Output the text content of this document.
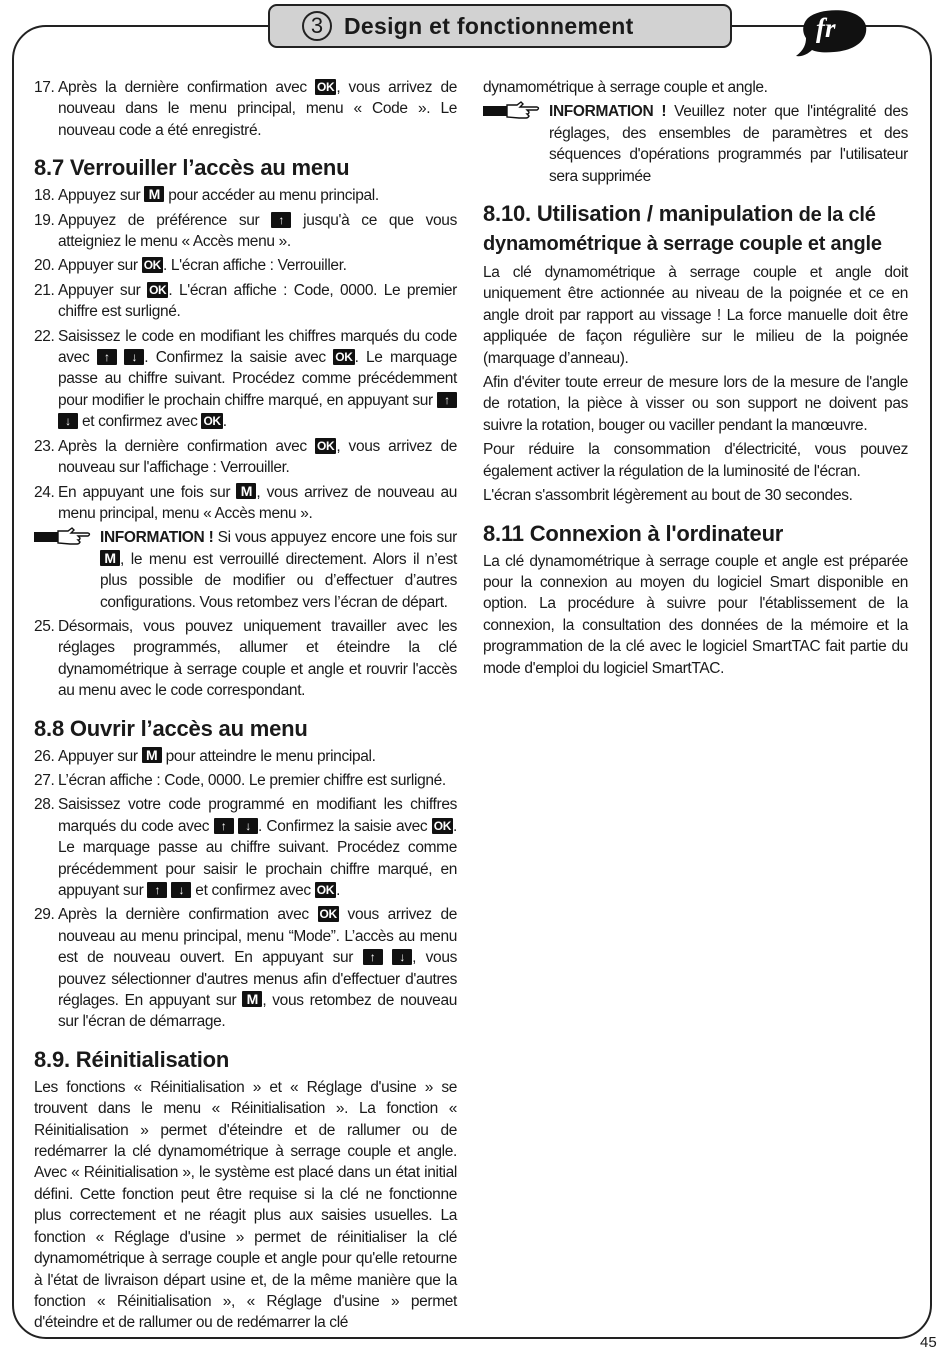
3 Design et fonctionnement	fr
17. Après la dernière confirmation avec OK , vous arrivez de nouveau dans le menu principal, menu « Code ». Le nouveau code a été enregistré.
8.7 Verrouiller l’accès au menu
18. Appuyez sur M pour accéder au menu principal.
19. Appuyez de préférence sur ↑ jusqu'à ce que vous atteigniez le menu « Accès menu ».
20. Appuyer sur OK . L'écran affiche : Verrouiller.
21. Appuyer sur OK . L'écran affiche : Code, 0000. Le premier chiffre est surligné.
22. Saisissez le code en modifiant les chiffres marqués du code avec ↑ ↓ . Confirmez la saisie avec OK . Le marquage passe au chiffre suivant. Procédez comme précédemment pour modifier le prochain chiffre marqué, en appuyant sur ↑ ↓ et confirmez avec OK .
23. Après la dernière confirmation avec OK , vous arrivez de nouveau sur l'affichage : Verrouiller.
24. En appuyant une fois sur M , vous arrivez de nouveau au menu principal, menu « Accès menu ».
INFORMATION ! Si vous appuyez encore une fois sur M , le menu est verrouillé directement. Alors il n’est plus possible de modifier ou d’effectuer d’autres configurations. Vous retombez vers l’écran de départ.
25. Désormais, vous pouvez uniquement travailler avec les réglages programmés, allumer et éteindre la clé dynamométrique à serrage couple et angle et rouvrir l'accès au menu avec le code correspondant.
8.8 Ouvrir l’accès au menu
26. Appuyer sur M pour atteindre le menu principal.
27. L’écran affiche : Code, 0000. Le premier chiffre est surligné.
28. Saisissez votre code programmé en modifiant les chiffres marqués du code avec ↑ ↓ . Confirmez la saisie avec OK . Le marquage passe au chiffre suivant. Procédez comme précédemment pour saisir le prochain chiffre marqué, en appuyant sur ↑ ↓ et confirmez avec OK .
29. Après la dernière confirmation avec OK vous arrivez de nouveau au menu principal, menu “Mode”. L’accès au menu est de nouveau ouvert. En appuyant sur ↑ ↓ , vous pouvez sélectionner d'autres menus afin d'effectuer d'autres réglages. En appuyant sur M , vous retombez de nouveau sur l'écran de démarrage.
8.9. Réinitialisation

Les fonctions « Réinitialisation » et « Réglage d'usine » se trouvent dans le menu « Réinitialisation ». La fonction « Réinitialisation » permet d'éteindre et de rallumer ou de redémarrer la clé dynamométrique à serrage couple et angle. Avec « Réinitialisation », le système est placé dans un état initial défini. Cette fonction peut être requise si la clé ne fonctionne plus correctement et ne réagit plus aux saisies usuelles. La fonction « Réglage d'usine » permet de réinitialiser la clé dynamométrique à serrage couple et angle pour qu'elle retourne à l'état de livraison départ usine et, de la même manière que la fonction « Réinitialisation », « Réglage d'usine » permet d'éteindre et de rallumer ou de redémarrer la clé

dynamométrique à serrage couple et angle.

INFORMATION ! Veuillez noter que l'intégralité des réglages, des ensembles de paramètres et des séquences d'opérations programmés par l'utilisateur sera supprimée
8.10. Utilisation / manipulation de la clé dynamométrique à serrage couple et angle

La clé dynamométrique à serrage couple et angle doit uniquement être actionnée au niveau de la poignée et ce en angle droit par rapport au vissage ! La force manuelle doit être appliquée de façon régulière sur le milieu de la poignée (marquage d’anneau).

Afin d'éviter toute erreur de mesure lors de la mesure de l'angle de rotation, la pièce à visser ou son support ne doivent pas suivre la rotation, bouger ou vaciller pendant la manœuvre.

Pour réduire la consommation d'électricité, vous pouvez également activer la régulation de la luminosité de l'écran.

L'écran s'assombrit légèrement au bout de 30 secondes.

8.11 Connexion à l'ordinateur

La clé dynamométrique à serrage couple et angle est préparée pour la connexion au moyen du logiciel Smart disponible en option. La procédure à suivre pour l'établissement de la connexion, la consultation des données de la mémoire et la programmation de la clé avec le logiciel SmartTAC fait partie du mode d'emploi du logiciel SmartTAC.

45
